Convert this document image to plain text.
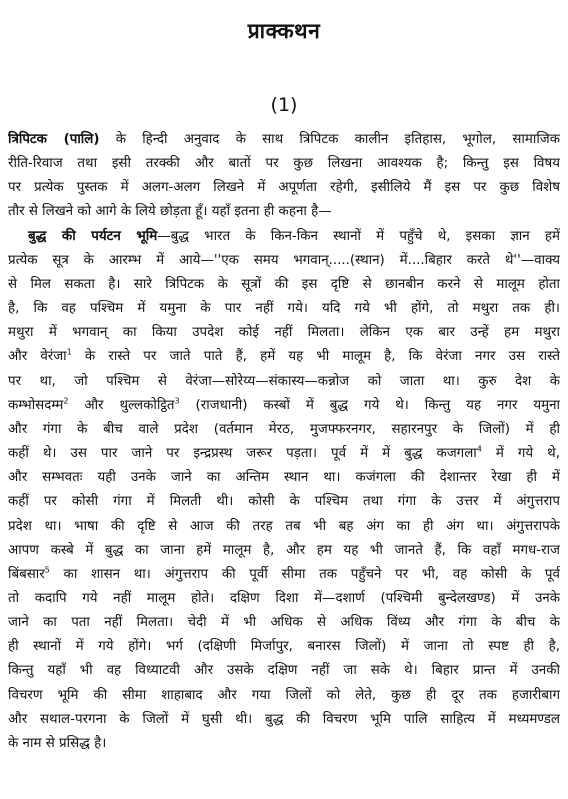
प्राक्कथन
(1)
त्रिपिटक (पालि) के हिन्दी अनुवाद के साथ त्रिपिटक कालीन इतिहास, भूगोल, सामाजिक
रीति-रिवाज तथा इसी तरक्की और बातों पर कुछ लिखना आवश्यक है; किन्तु इस विषय
पर प्रत्येक पुस्तक में अलग-अलग लिखने में अपूर्णता रहेगी, इसीलिये मैं इस पर कुछ विशेष
तौर से लिखने को आगे के लिये छोड़ता हूँ। यहाँ इतना ही कहना है—
बुद्ध की पर्यटन भूमि—बुद्ध भारत के किन-किन स्थानों में पहुँचे थे, इसका ज्ञान हमें
प्रत्येक सूत्र के आरम्भ में आये—''एक समय भगवान्.....(स्थान) में....बिहार करते थे''—वाक्य
से मिल सकता है। सारे त्रिपिटक के सूत्रों की इस दृष्टि से छानबीन करने से मालूम होता
है, कि वह पश्चिम में यमुना के पार नहीं गये। यदि गये भी होंगे, तो मथुरा तक ही।
मथुरा में भगवान् का किया उपदेश कोई नहीं मिलता। लेकिन एक बार उन्हें हम मथुरा
और वेरंजा$^1$ के रास्ते पर जाते पाते हैं, हमें यह भी मालूम है, कि वेरंजा नगर उस रास्ते
पर था, जो पश्चिम से वेरंजा—सोरेय्य—संकास्य—कन्नोज को जाता था। कुरु देश के
कम्भोसदम्म$^2$ और थुल्लकोट्ठित$^3$ (राजधानी) कस्बों में बुद्ध गये थे। किन्तु यह नगर यमुना
और गंगा के बीच वाले प्रदेश (वर्तमान मेरठ, मुजफ्फरनगर, सहारनपुर के जिलों) में ही
कहीं थे। उस पार जाने पर इन्द्रप्रस्थ जरूर पड़ता। पूर्व में में बुद्ध कजगला$^4$ में गये थे,
और सम्भवतः यही उनके जाने का अन्तिम स्थान था। कजंगला की देशान्तर रेखा ही में
कहीं पर कोसी गंगा में मिलती थी। कोसी के पश्चिम तथा गंगा के उत्तर में अंगुत्तराप
प्रदेश था। भाषा की दृष्टि से आज की तरह तब भी बह अंग का ही अंग था। अंगुत्तरापके
आपण कस्बे में बुद्ध का जाना हमें मालूम है, और हम यह भी जानते हैं, कि वहाँ मगध-राज
बिंबसार$^5$ का शासन था। अंगुत्तराप की पूर्वी सीमा तक पहुँचने पर भी, वह कोसी के पूर्व
तो कदापि गये नहीं मालूम होते। दक्षिण दिशा में—दशार्ण (पश्चिमी बुन्देलखण्ड) में उनके
जाने का पता नहीं मिलता। चेदी में भी अधिक से अधिक विंध्य और गंगा के बीच के
ही स्थानों में गये होंगे। भर्ग (दक्षिणी मिर्जापुर, बनारस जिलों) में जाना तो स्पष्ट ही है,
किन्तु यहाँ भी वह विध्याटवी और उसके दक्षिण नहीं जा सके थे। बिहार प्रान्त में उनकी
विचरण भूमि की सीमा शाहाबाद और गया जिलों को लेते, कुछ ही दूर तक हजारीबाग
और सथाल-परगना के जिलों में घुसी थी। बुद्ध की विचरण भूमि पालि साहित्य में मध्यमण्डल
के नाम से प्रसिद्ध है।
